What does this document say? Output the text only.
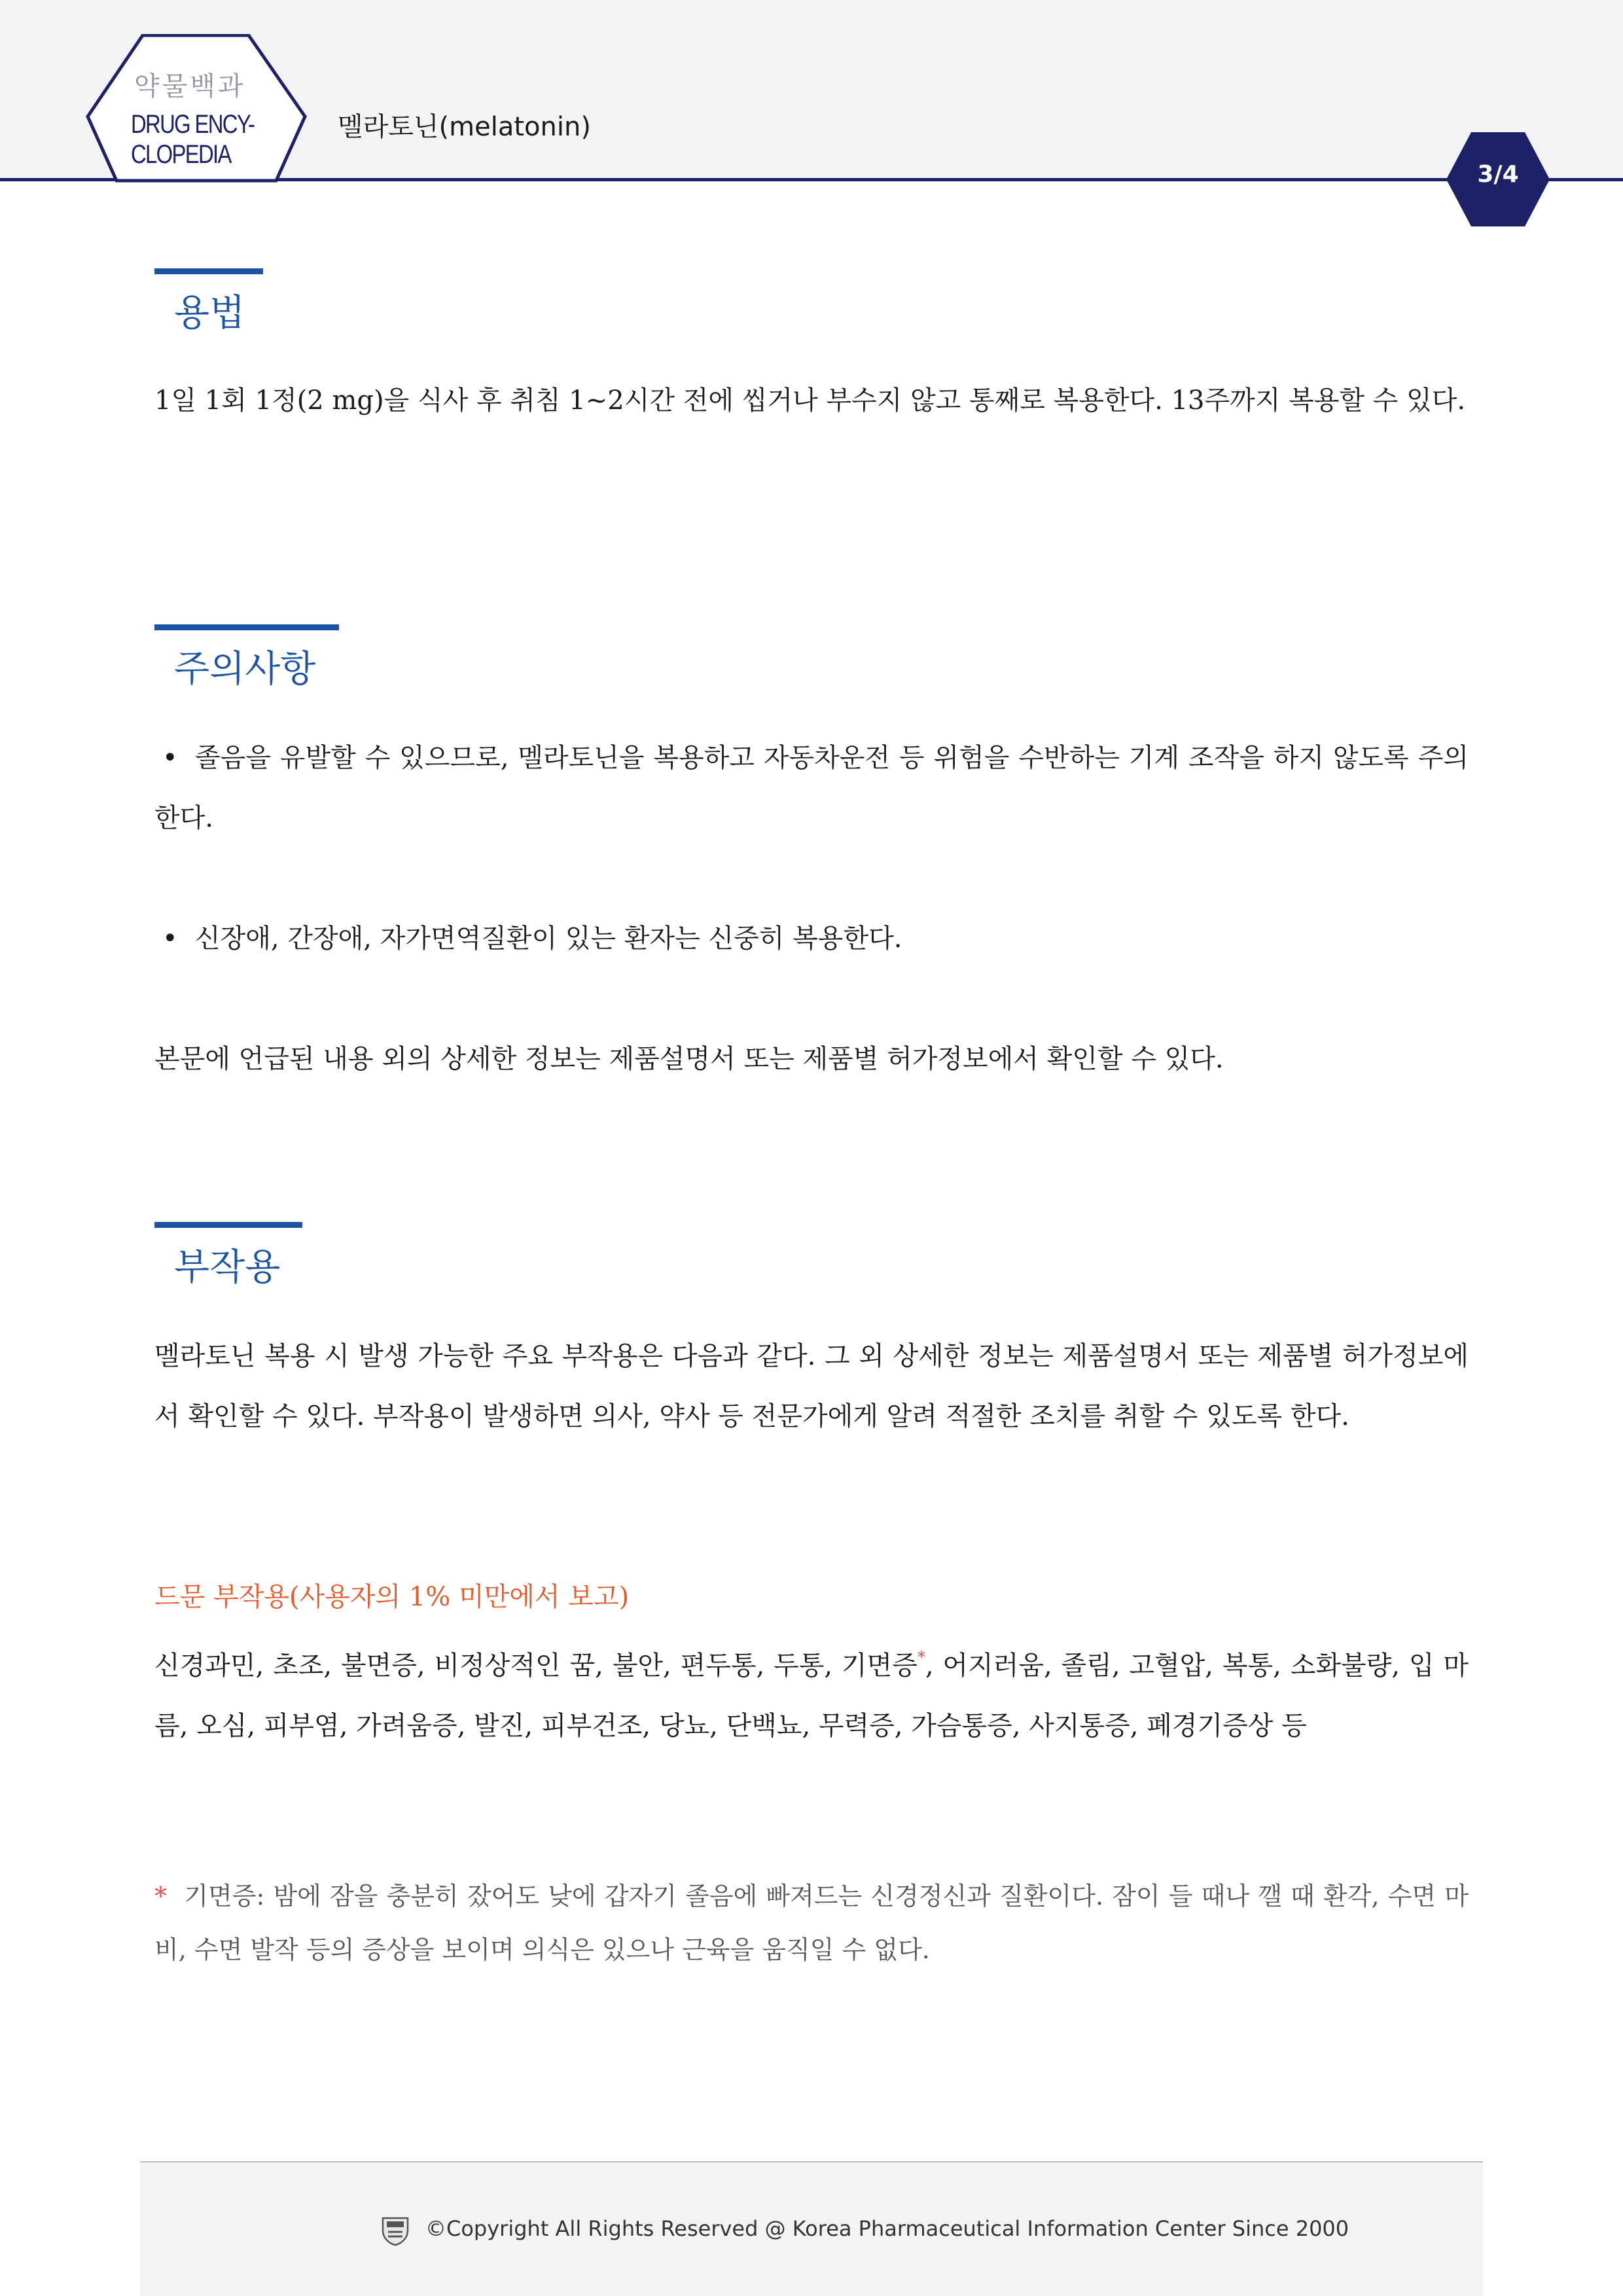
약물백과
DRUG ENCY-
CLOPEDIA
멜라토닌(melatonin)
3/4
용법
1일 1회 1정(2 mg)을 식사 후 취침 1~2시간 전에 씹거나 부수지 않고 통째로 복용한다. 13주까지 복용할 수 있다.
주의사항
• 졸음을 유발할 수 있으므로, 멜라토닌을 복용하고 자동차운전 등 위험을 수반하는 기계 조작을 하지 않도록 주의한다.
• 신장애, 간장애, 자가면역질환이 있는 환자는 신중히 복용한다.
본문에 언급된 내용 외의 상세한 정보는 제품설명서 또는 제품별 허가정보에서 확인할 수 있다.
부작용
멜라토닌 복용 시 발생 가능한 주요 부작용은 다음과 같다. 그 외 상세한 정보는 제품설명서 또는 제품별 허가정보에서 확인할 수 있다. 부작용이 발생하면 의사, 약사 등 전문가에게 알려 적절한 조치를 취할 수 있도록 한다.
드문 부작용(사용자의 1% 미만에서 보고)
신경과민, 초조, 불면증, 비정상적인 꿈, 불안, 편두통, 두통, 기면증*, 어지러움, 졸림, 고혈압, 복통, 소화불량, 입 마름, 오심, 피부염, 가려움증, 발진, 피부건조, 당뇨, 단백뇨, 무력증, 가슴통증, 사지통증, 폐경기증상 등
* 기면증: 밤에 잠을 충분히 잤어도 낮에 갑자기 졸음에 빠져드는 신경정신과 질환이다. 잠이 들 때나 깰 때 환각, 수면 마비, 수면 발작 등의 증상을 보이며 의식은 있으나 근육을 움직일 수 없다.
©Copyright All Rights Reserved @ Korea Pharmaceutical Information Center Since 2000
